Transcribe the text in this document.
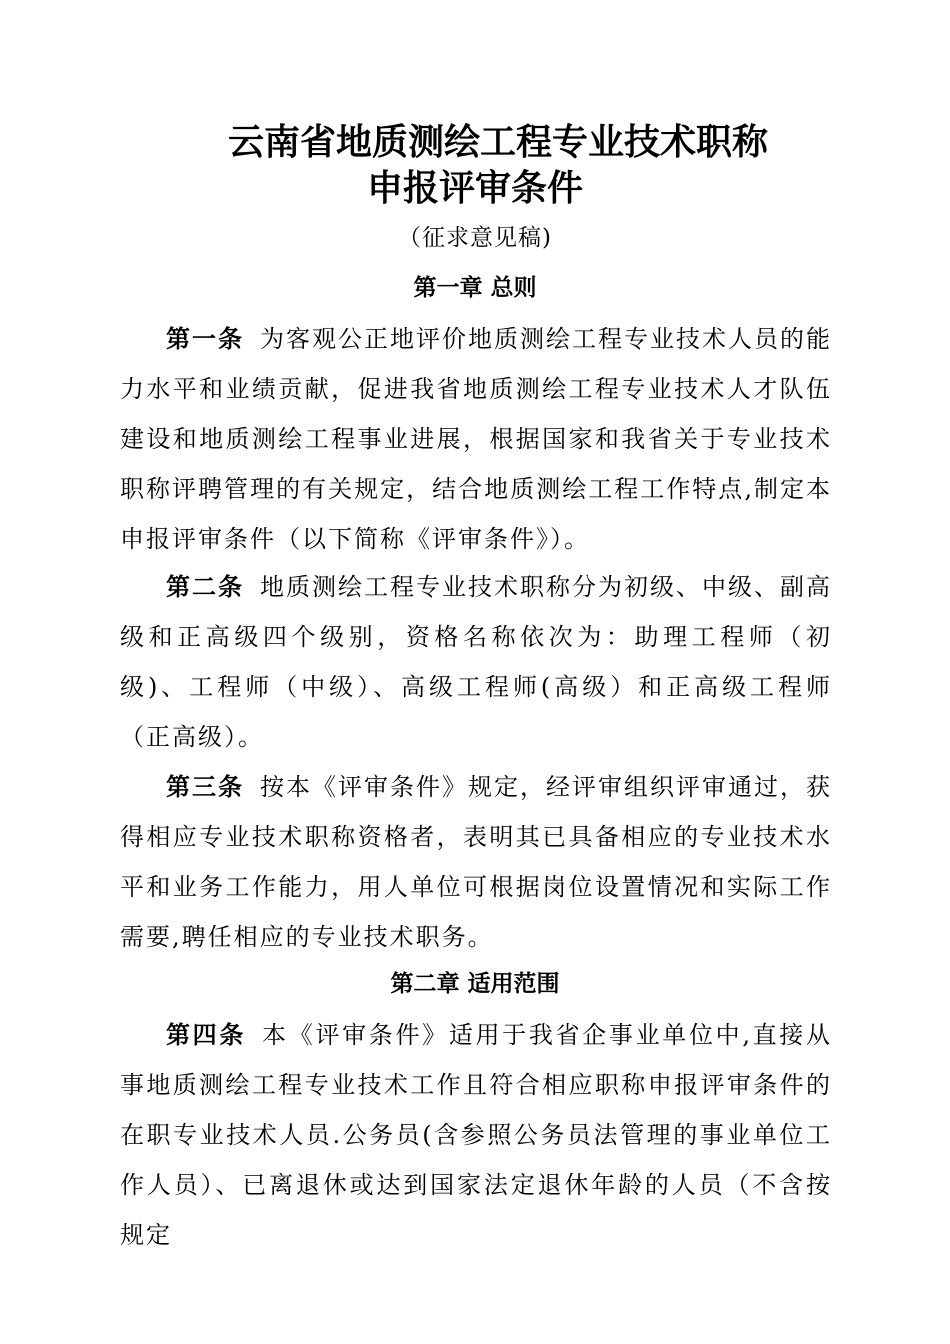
云南省地质测绘工程专业技术职称
申报评审条件
（征求意见稿)
第一章 总则

第一条 为客观公正地评价地质测绘工程专业技术人员的能力水平和业绩贡献，促进我省地质测绘工程专业技术人才队伍建设和地质测绘工程事业进展，根据国家和我省关于专业技术职称评聘管理的有关规定，结合地质测绘工程工作特点,制定本申报评审条件（以下简称《评审条件》）。

第二条 地质测绘工程专业技术职称分为初级、中级、副高级和正高级四个级别，资格名称依次为：助理工程师（初级)、工程师（中级）、高级工程师(高级）和正高级工程师（正高级）。

第三条 按本《评审条件》规定，经评审组织评审通过，获得相应专业技术职称资格者，表明其已具备相应的专业技术水平和业务工作能力，用人单位可根据岗位设置情况和实际工作需要,聘任相应的专业技术职务。

第二章 适用范围

第四条 本《评审条件》适用于我省企事业单位中,直接从事地质测绘工程专业技术工作且符合相应职称申报评审条件的在职专业技术人员.公务员(含参照公务员法管理的事业单位工作人员）、已离退休或达到国家法定退休年龄的人员（不含按规定
